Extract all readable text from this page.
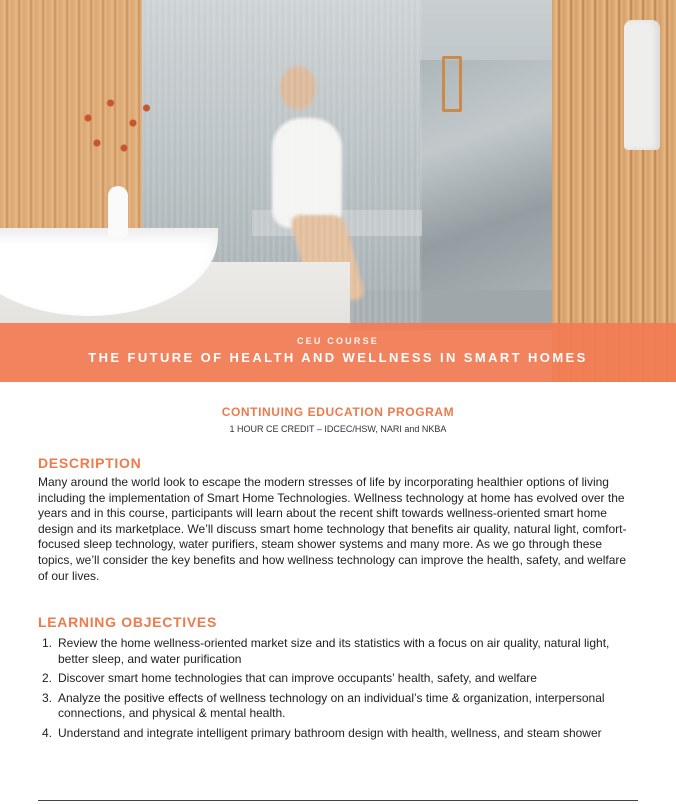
CEU COURSE
THE FUTURE OF HEALTH AND WELLNESS IN SMART HOMES
CONTINUING EDUCATION PROGRAM
1 HOUR CE CREDIT – IDCEC/HSW, NARI and NKBA
DESCRIPTION

Many around the world look to escape the modern stresses of life by incorporating healthier options of living including the implementation of Smart Home Technologies. Wellness technology at home has evolved over the years and in this course, participants will learn about the recent shift towards wellness-oriented smart home design and its marketplace. We’ll discuss smart home technology that benefits air quality, natural light, comfort-focused sleep technology, water purifiers, steam shower systems and many more. As we go through these topics, we’ll consider the key benefits and how wellness technology can improve the health, safety, and welfare of our lives.

LEARNING OBJECTIVES
1. Review the home wellness-oriented market size and its statistics with a focus on air quality, natural light, better sleep, and water purification
2. Discover smart home technologies that can improve occupants’ health, safety, and welfare
3. Analyze the positive effects of wellness technology on an individual’s time & organization, interpersonal connections, and physical & mental health.
4. Understand and integrate intelligent primary bathroom design with health, wellness, and steam shower
